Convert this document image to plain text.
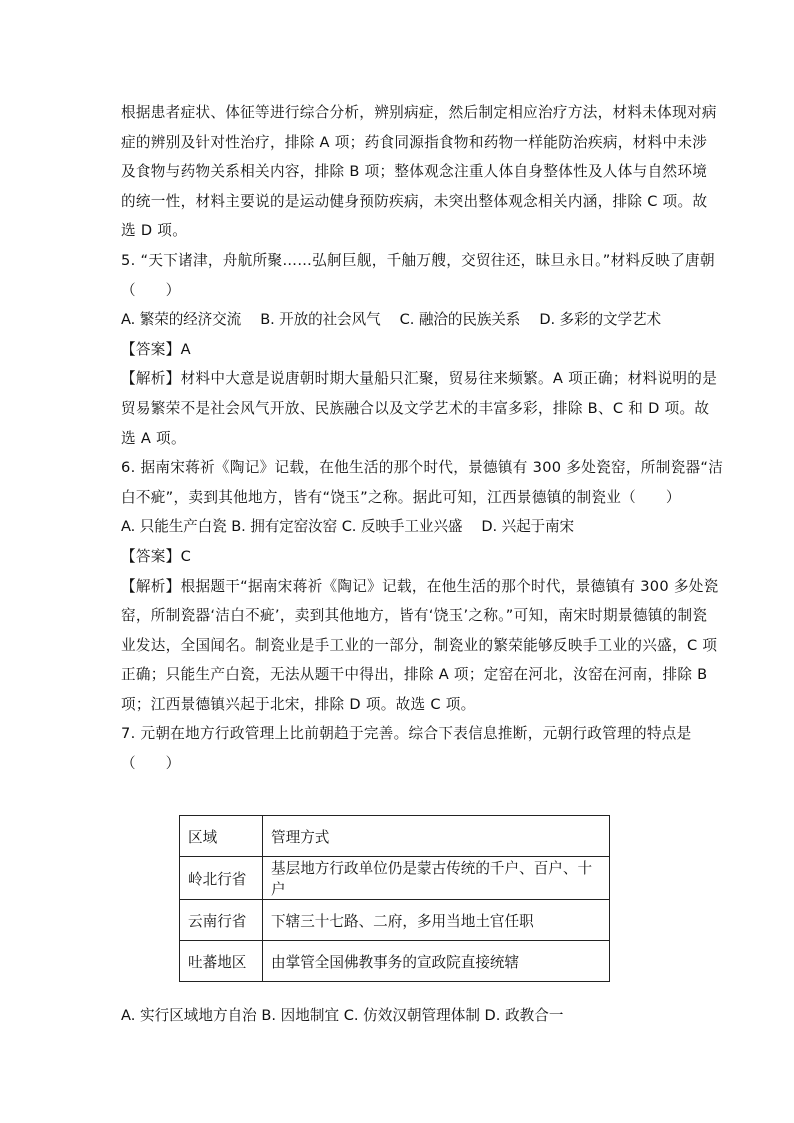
根据患者症状、体征等进行综合分析，辨别病症，然后制定相应治疗方法，材料未体现对病

症的辨别及针对性治疗，排除 A 项；药食同源指食物和药物一样能防治疾病，材料中未涉

及食物与药物关系相关内容，排除 B 项；整体观念注重人体自身整体性及人体与自然环境

的统一性，材料主要说的是运动健身预防疾病，未突出整体观念相关内涵，排除 C 项。故

选 D 项。

5. “天下诸津，舟航所聚……弘舸巨舰，千舳万艘，交贸往还，昧旦永日。”材料反映了唐朝

（　　）

A. 繁荣的经济交流　 B. 开放的社会风气　 C. 融洽的民族关系　 D. 多彩的文学艺术

【答案】A

【解析】材料中大意是说唐朝时期大量船只汇聚，贸易往来频繁。A 项正确；材料说明的是

贸易繁荣不是社会风气开放、民族融合以及文学艺术的丰富多彩，排除 B、C 和 D 项。故

选 A 项。

6. 据南宋蒋祈《陶记》记载，在他生活的那个时代，景德镇有 300 多处瓷窑，所制瓷器“洁

白不疵”，卖到其他地方，皆有“饶玉”之称。据此可知，江西景德镇的制瓷业（　　）

A. 只能生产白瓷 B. 拥有定窑汝窑 C. 反映手工业兴盛　 D. 兴起于南宋

【答案】C

【解析】根据题干“据南宋蒋祈《陶记》记载，在他生活的那个时代，景德镇有 300 多处瓷

窑，所制瓷器‘洁白不疵’，卖到其他地方，皆有‘饶玉’之称。”可知，南宋时期景德镇的制瓷

业发达，全国闻名。制瓷业是手工业的一部分，制瓷业的繁荣能够反映手工业的兴盛，C 项

正确；只能生产白瓷，无法从题干中得出，排除 A 项；定窑在河北，汝窑在河南，排除 B

项；江西景德镇兴起于北宋，排除 D 项。故选 C 项。

7. 元朝在地方行政管理上比前朝趋于完善。综合下表信息推断，元朝行政管理的特点是

（　　）

区域	管理方式
岭北行省	基层地方行政单位仍是蒙古传统的千户、百户、十户
云南行省	下辖三十七路、二府，多用当地土官任职
吐蕃地区	由掌管全国佛教事务的宣政院直接统辖

A. 实行区域地方自治 B. 因地制宜 C. 仿效汉朝管理体制 D. 政教合一
